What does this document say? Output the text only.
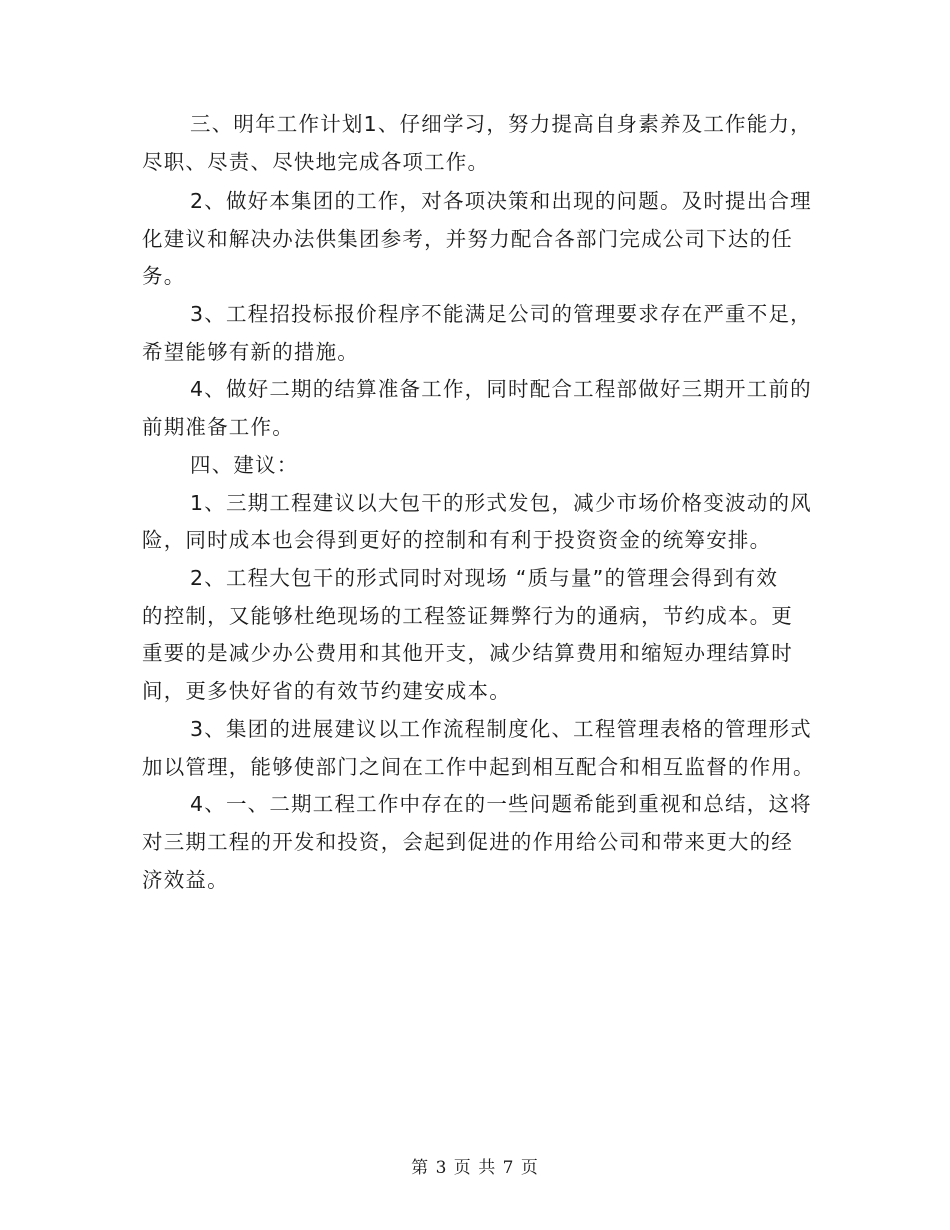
三、明年工作计划1、仔细学习，努力提高自身素养及工作能力，
尽职、尽责、尽快地完成各项工作。
2、做好本集团的工作，对各项决策和出现的问题。及时提出合理
化建议和解决办法供集团参考，并努力配合各部门完成公司下达的任
务。
3、工程招投标报价程序不能满足公司的管理要求存在严重不足，
希望能够有新的措施。
4、做好二期的结算准备工作，同时配合工程部做好三期开工前的
前期准备工作。
四、建议：
1、三期工程建议以大包干的形式发包，减少市场价格变波动的风
险，同时成本也会得到更好的控制和有利于投资资金的统筹安排。
2、工程大包干的形式同时对现场 “质与量”的管理会得到有效
的控制，又能够杜绝现场的工程签证舞弊行为的通病，节约成本。更
重要的是减少办公费用和其他开支，减少结算费用和缩短办理结算时
间，更多快好省的有效节约建安成本。
3、集团的进展建议以工作流程制度化、工程管理表格的管理形式
加以管理，能够使部门之间在工作中起到相互配合和相互监督的作用。
4、一、二期工程工作中存在的一些问题希能到重视和总结，这将
对三期工程的开发和投资，会起到促进的作用给公司和带来更大的经
济效益。
第 3 页 共 7 页
